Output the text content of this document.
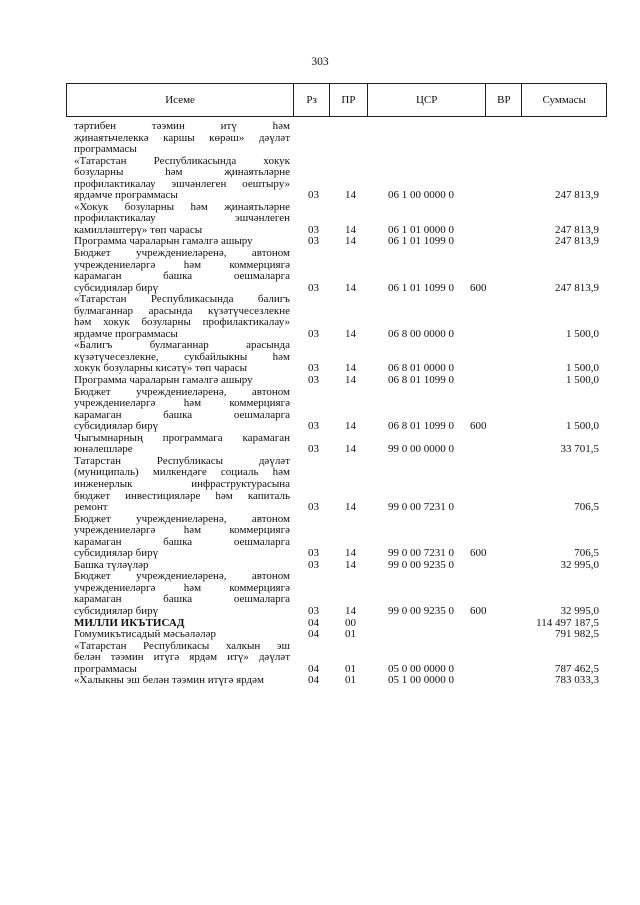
303
Исеме	Рз	ПР	ЦСР	ВР	Суммасы
тәртибен тәэмин итү һәм
җинаятьчелеккә каршы көрәш» дәүләт
программасы
«Татарстан Республикасында хокук
бозуларны һәм җинаятьләрне
профилактикалау эшчәнлеген оештыру»
ярдәмче программасы	03 14	06 1 00 0000 0	247 813,9
«Хокук бозуларны һәм җинаятьләрне
профилактикалау эшчәнлеген
камилләштерү» төп чарасы	03 14	06 1 01 0000 0	247 813,9
Программа чараларын гамәлгә ашыру	03 14	06 1 01 1099 0	247 813,9
Бюджет учреждениеләренә, автоном
учреждениеләргә һәм коммерциягә
карамаган башка оешмаларга
субсидияләр бирү	03 14	06 1 01 1099 0 600	247 813,9
«Татарстан Республикасында балигъ
булмаганнар арасында күзәтүчесезлекне
һәм хокук бозуларны профилактикалау»
ярдәмче программасы	03 14	06 8 00 0000 0	1 500,0
«Балигъ булмаганнар арасында
күзәтүчесезлекне, сукбайлыкны һәм
хокук бозуларны кисәтү» төп чарасы	03 14	06 8 01 0000 0	1 500,0
Программа чараларын гамәлгә ашыру	03 14	06 8 01 1099 0	1 500,0
Бюджет учреждениеләренә, автоном
учреждениеләргә һәм коммерциягә
карамаган башка оешмаларга
субсидияләр бирү	03 14	06 8 01 1099 0 600	1 500,0
Чыгымнарның программага карамаган
юнәлешләре	03 14	99 0 00 0000 0	33 701,5
Татарстан Республикасы дәүләт
(муниципаль) милкендәге социаль һәм
инженерлык инфраструктурасына
бюджет инвестицияләре һәм капиталь
ремонт	03 14	99 0 00 7231 0	706,5
Бюджет учреждениеләренә, автоном
учреждениеләргә һәм коммерциягә
карамаган башка оешмаларга
субсидияләр бирү	03 14	99 0 00 7231 0 600	706,5
Башка түләүләр	03 14	99 0 00 9235 0	32 995,0
Бюджет учреждениеләренә, автоном
учреждениеләргә һәм коммерциягә
карамаган башка оешмаларга
субсидияләр бирү	03 14	99 0 00 9235 0 600	32 995,0
МИЛЛИ ИКЪТИСАД	04 00	114 497 187,5
Гомумикътисадый мәсьәләләр	04 01	791 982,5
«Татарстан Республикасы халкын эш
белән тәэмин итүгә ярдәм итү» дәүләт
программасы	04 01	05 0 00 0000 0	787 462,5
«Халыкны эш белән тәэмин итүгә ярдәм	04 01	05 1 00 0000 0	783 033,3
